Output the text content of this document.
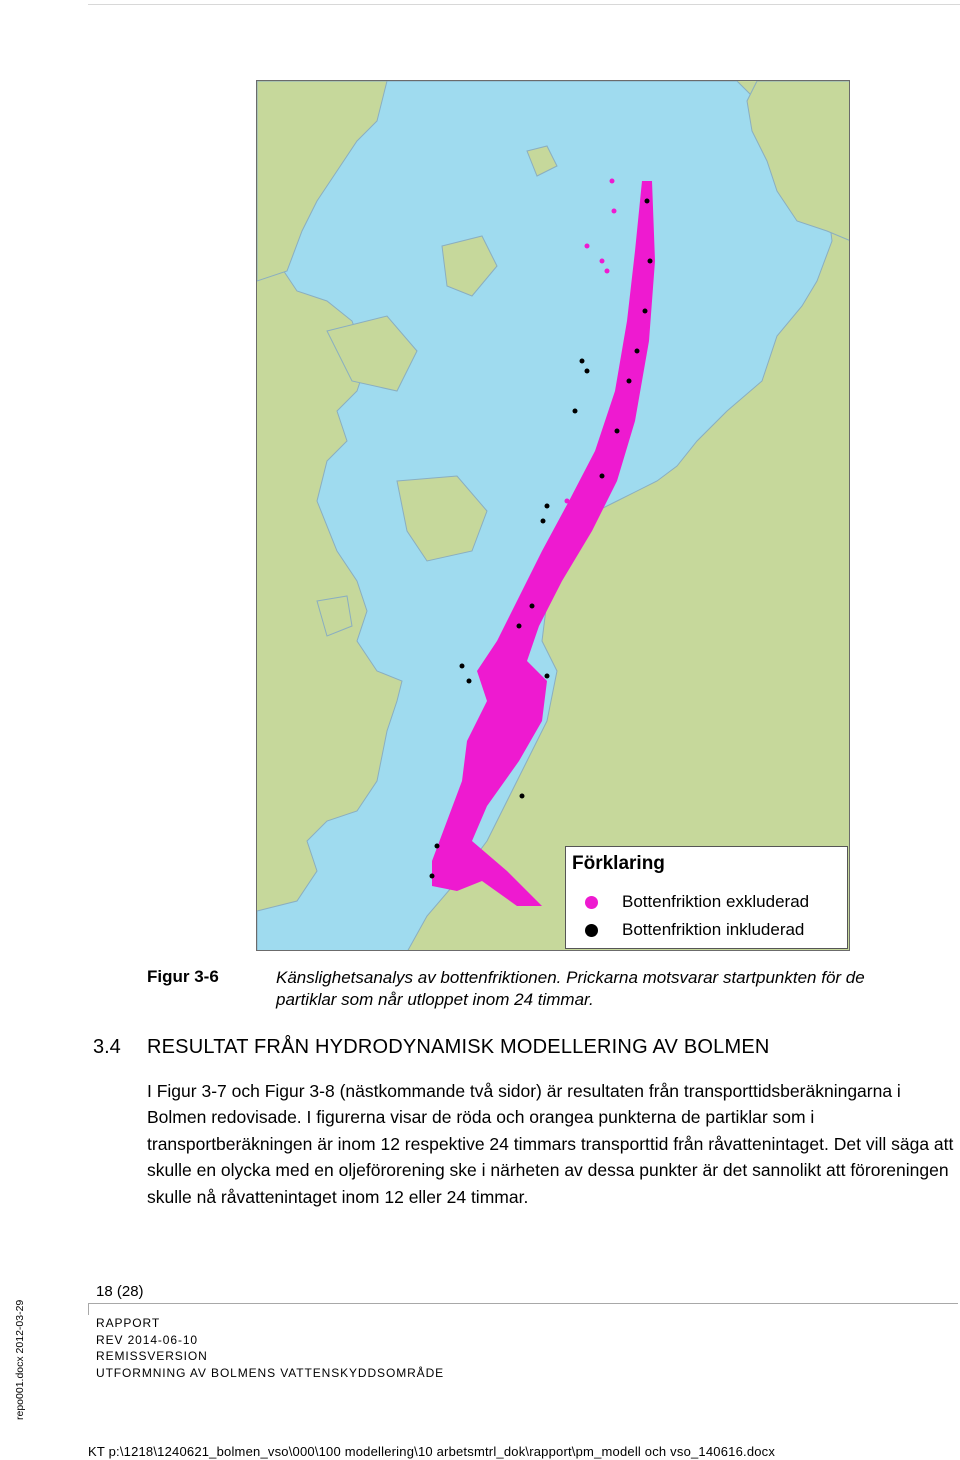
Förklaring
Bottenfriktion exkluderad
Bottenfriktion inkluderad
Figur 3-6	Känslighetsanalys av bottenfriktionen. Prickarna motsvarar startpunkten för de partiklar som når utloppet inom 24 timmar.
3.4 RESULTAT FRÅN HYDRODYNAMISK MODELLERING AV BOLMEN
I Figur 3-7 och Figur 3-8 (nästkommande två sidor) är resultaten från transporttidsberäkningarna i Bolmen redovisade. I figurerna visar de röda och orangea punkterna de partiklar som i transportberäkningen är inom 12 respektive 24 timmars transporttid från råvattenintaget. Det vill säga att skulle en olycka med en oljeförorening ske i närheten av dessa punkter är det sannolikt att föroreningen skulle nå råvattenintaget inom 12 eller 24 timmar.
18 (28)
RAPPORT
REV 2014-06-10
REMISSVERSION
UTFORMNING AV BOLMENS VATTENSKYDDSOMRÅDE
repo001.docx 2012-03-29
KT p:\1218\1240621_bolmen_vso\000\100 modellering\10 arbetsmtrl_dok\rapport\pm_modell och vso_140616.docx
